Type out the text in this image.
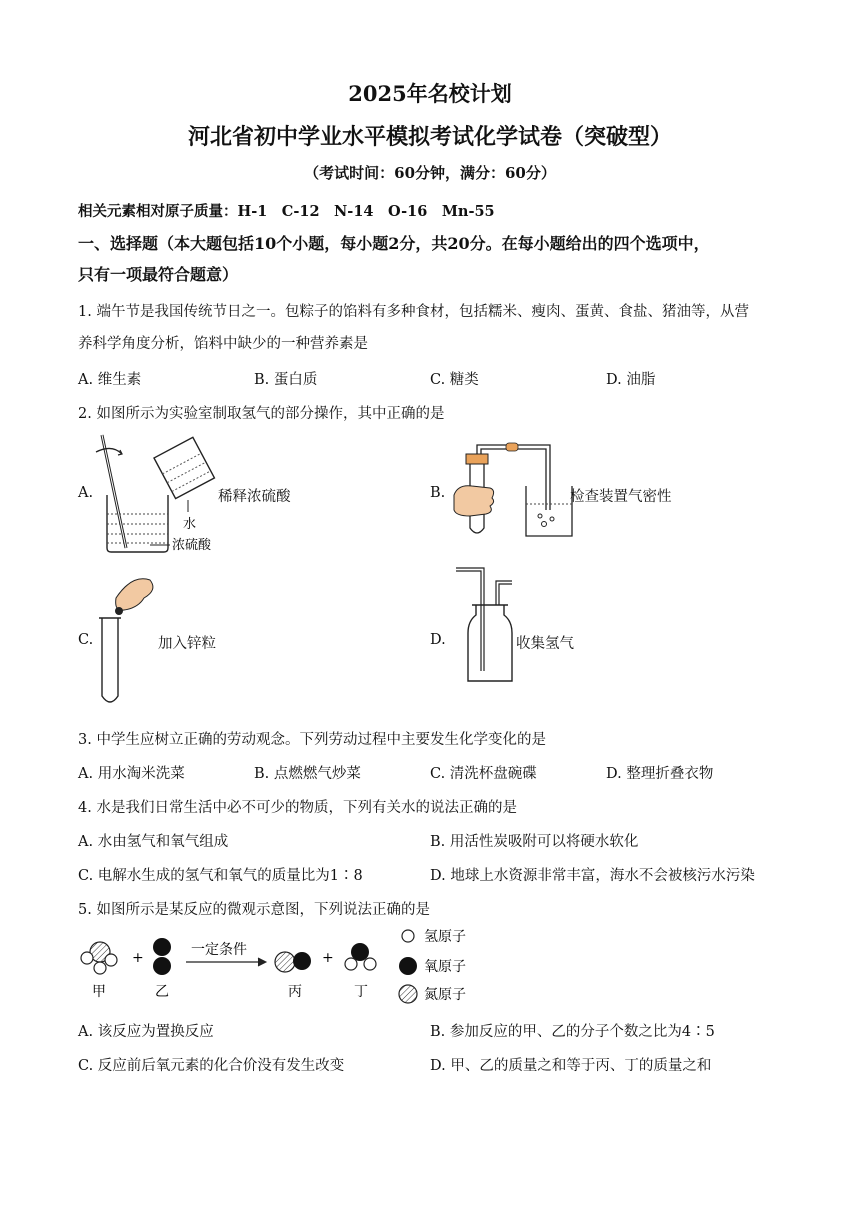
2025年名校计划
河北省初中学业水平模拟考试化学试卷（突破型）
（考试时间：60分钟，满分：60分）
相关元素相对原子质量：H-1　C-12　N-14　O-16　Mn-55
一、选择题（本大题包括10个小题，每小题2分，共20分。在每小题给出的四个选项中，
只有一项最符合题意）
1. 端午节是我国传统节日之一。包粽子的馅料有多种食材，包括糯米、瘦肉、蛋黄、食盐、猪油等，从营
养科学角度分析，馅料中缺少的一种营养素是
A. 维生素	B. 蛋白质	C. 糖类	D. 油脂
2. 如图所示为实验室制取氢气的部分操作，其中正确的是
A.
水
浓硫酸
稀释浓硫酸	B.	检查装置气密性
C.	加入锌粒	D.	收集氢气
3. 中学生应树立正确的劳动观念。下列劳动过程中主要发生化学变化的是
A. 用水淘米洗菜	B. 点燃燃气炒菜	C. 清洗杯盘碗碟	D. 整理折叠衣物
4. 水是我们日常生活中必不可少的物质，下列有关水的说法正确的是
A. 水由氢气和氧气组成	B. 用活性炭吸附可以将硬水软化
C. 电解水生成的氢气和氧气的质量比为1∶8	D. 地球上水资源非常丰富，海水不会被核污水污染
5. 如图所示是某反应的微观示意图，下列说法正确的是
甲
+
乙
一定条件
丙
+
丁
氢原子
氧原子
氮原子
A. 该反应为置换反应	B. 参加反应的甲、乙的分子个数之比为4∶5
C. 反应前后氧元素的化合价没有发生改变	D. 甲、乙的质量之和等于丙、丁的质量之和
